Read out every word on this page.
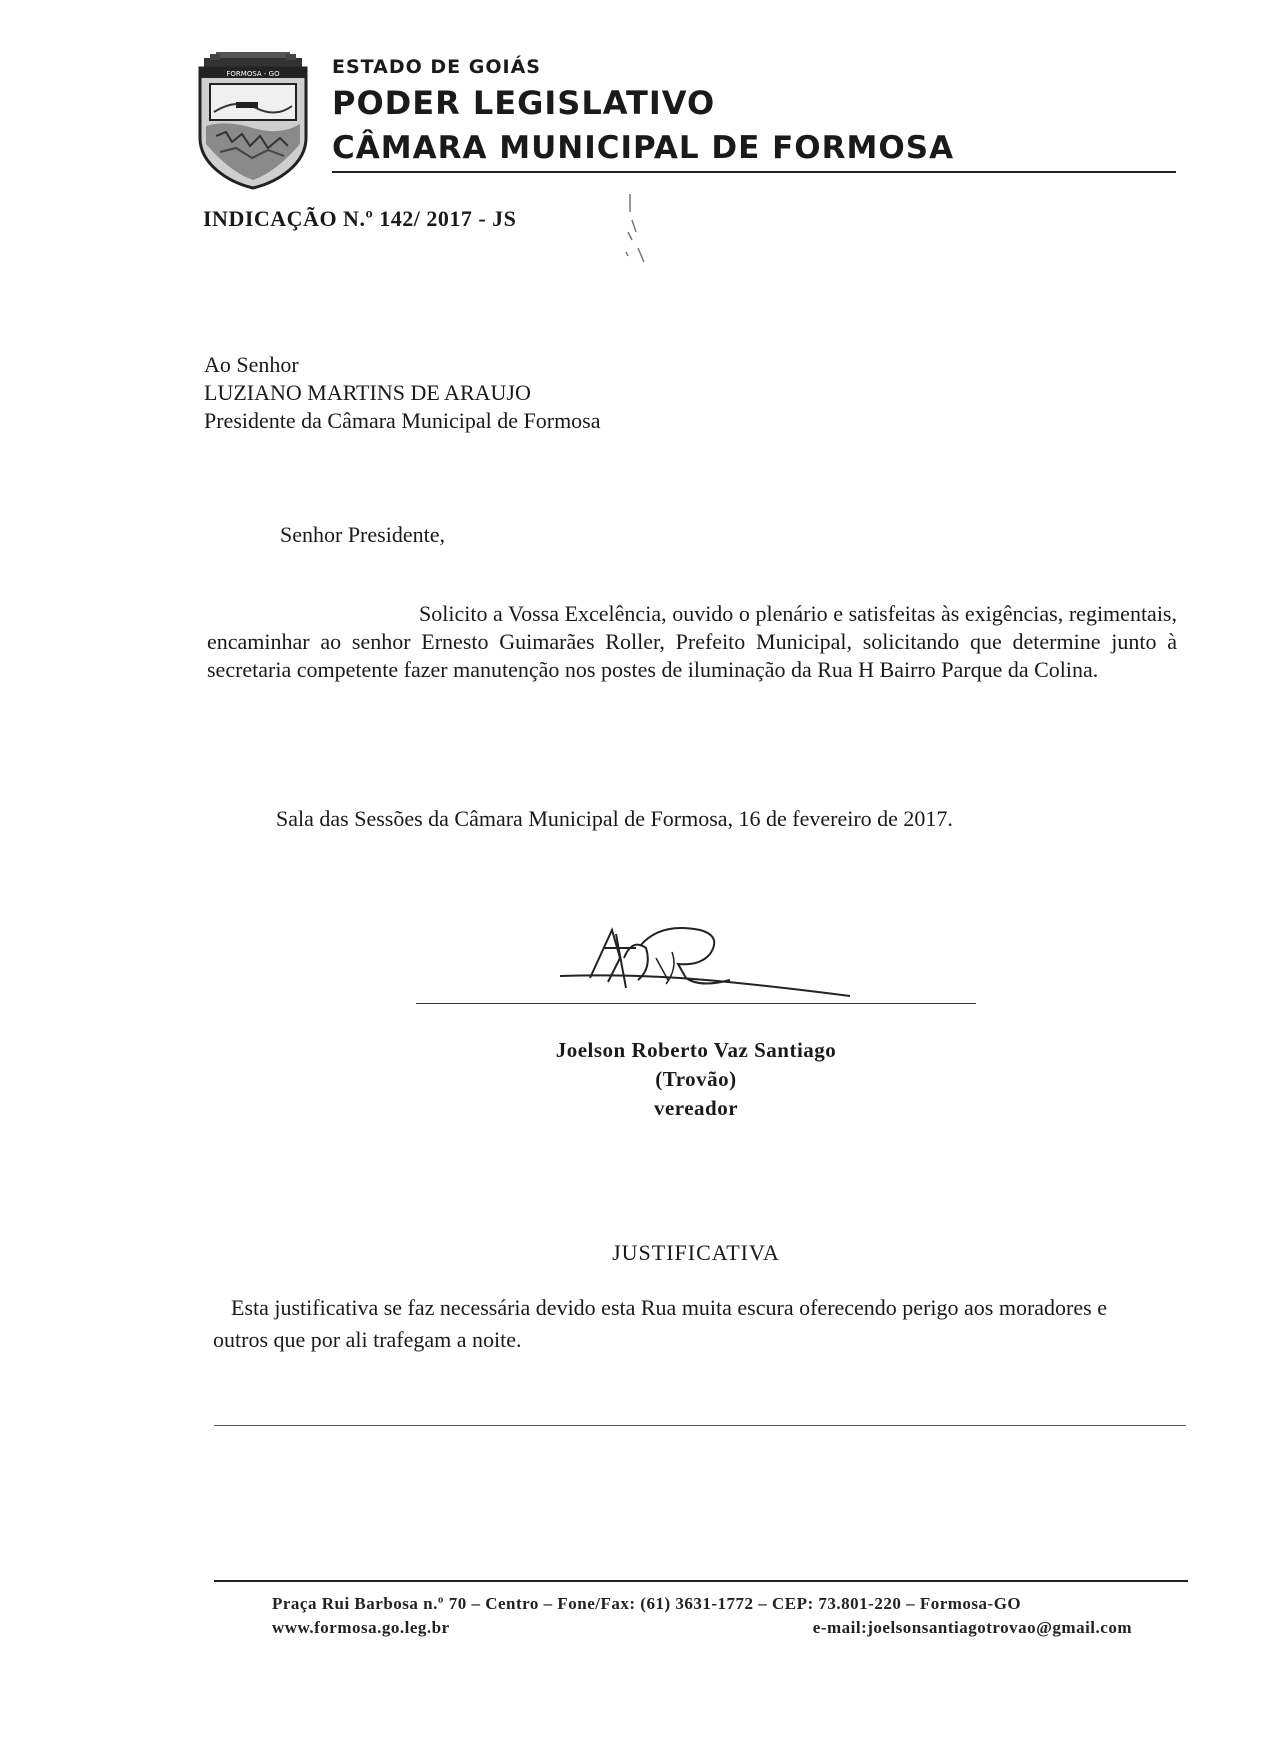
FORMOSA - GO	ESTADO DE GOIÁS
PODER LEGISLATIVO
CÂMARA MUNICIPAL DE FORMOSA
INDICAÇÃO N.º 142/ 2017 - JS
Ao Senhor
LUZIANO MARTINS DE ARAUJO
Presidente da Câmara Municipal de Formosa
Senhor Presidente,
Solicito a Vossa Excelência, ouvido o plenário e satisfeitas às exigências, regimentais, encaminhar ao senhor Ernesto Guimarães Roller, Prefeito Municipal, solicitando que determine junto à secretaria competente fazer manutenção nos postes de iluminação da Rua H Bairro Parque da Colina.
Sala das Sessões da Câmara Municipal de Formosa, 16 de fevereiro de 2017.
Joelson Roberto Vaz Santiago
(Trovão)
vereador
JUSTIFICATIVA
Esta justificativa se faz necessária devido esta Rua muita escura oferecendo perigo aos moradores e outros que por ali trafegam a noite.
Praça Rui Barbosa n.º 70 – Centro – Fone/Fax: (61) 3631-1772 – CEP: 73.801-220 – Formosa-GO
www.formosa.go.leg.br	e-mail:joelsonsantiagotrovao@gmail.com
